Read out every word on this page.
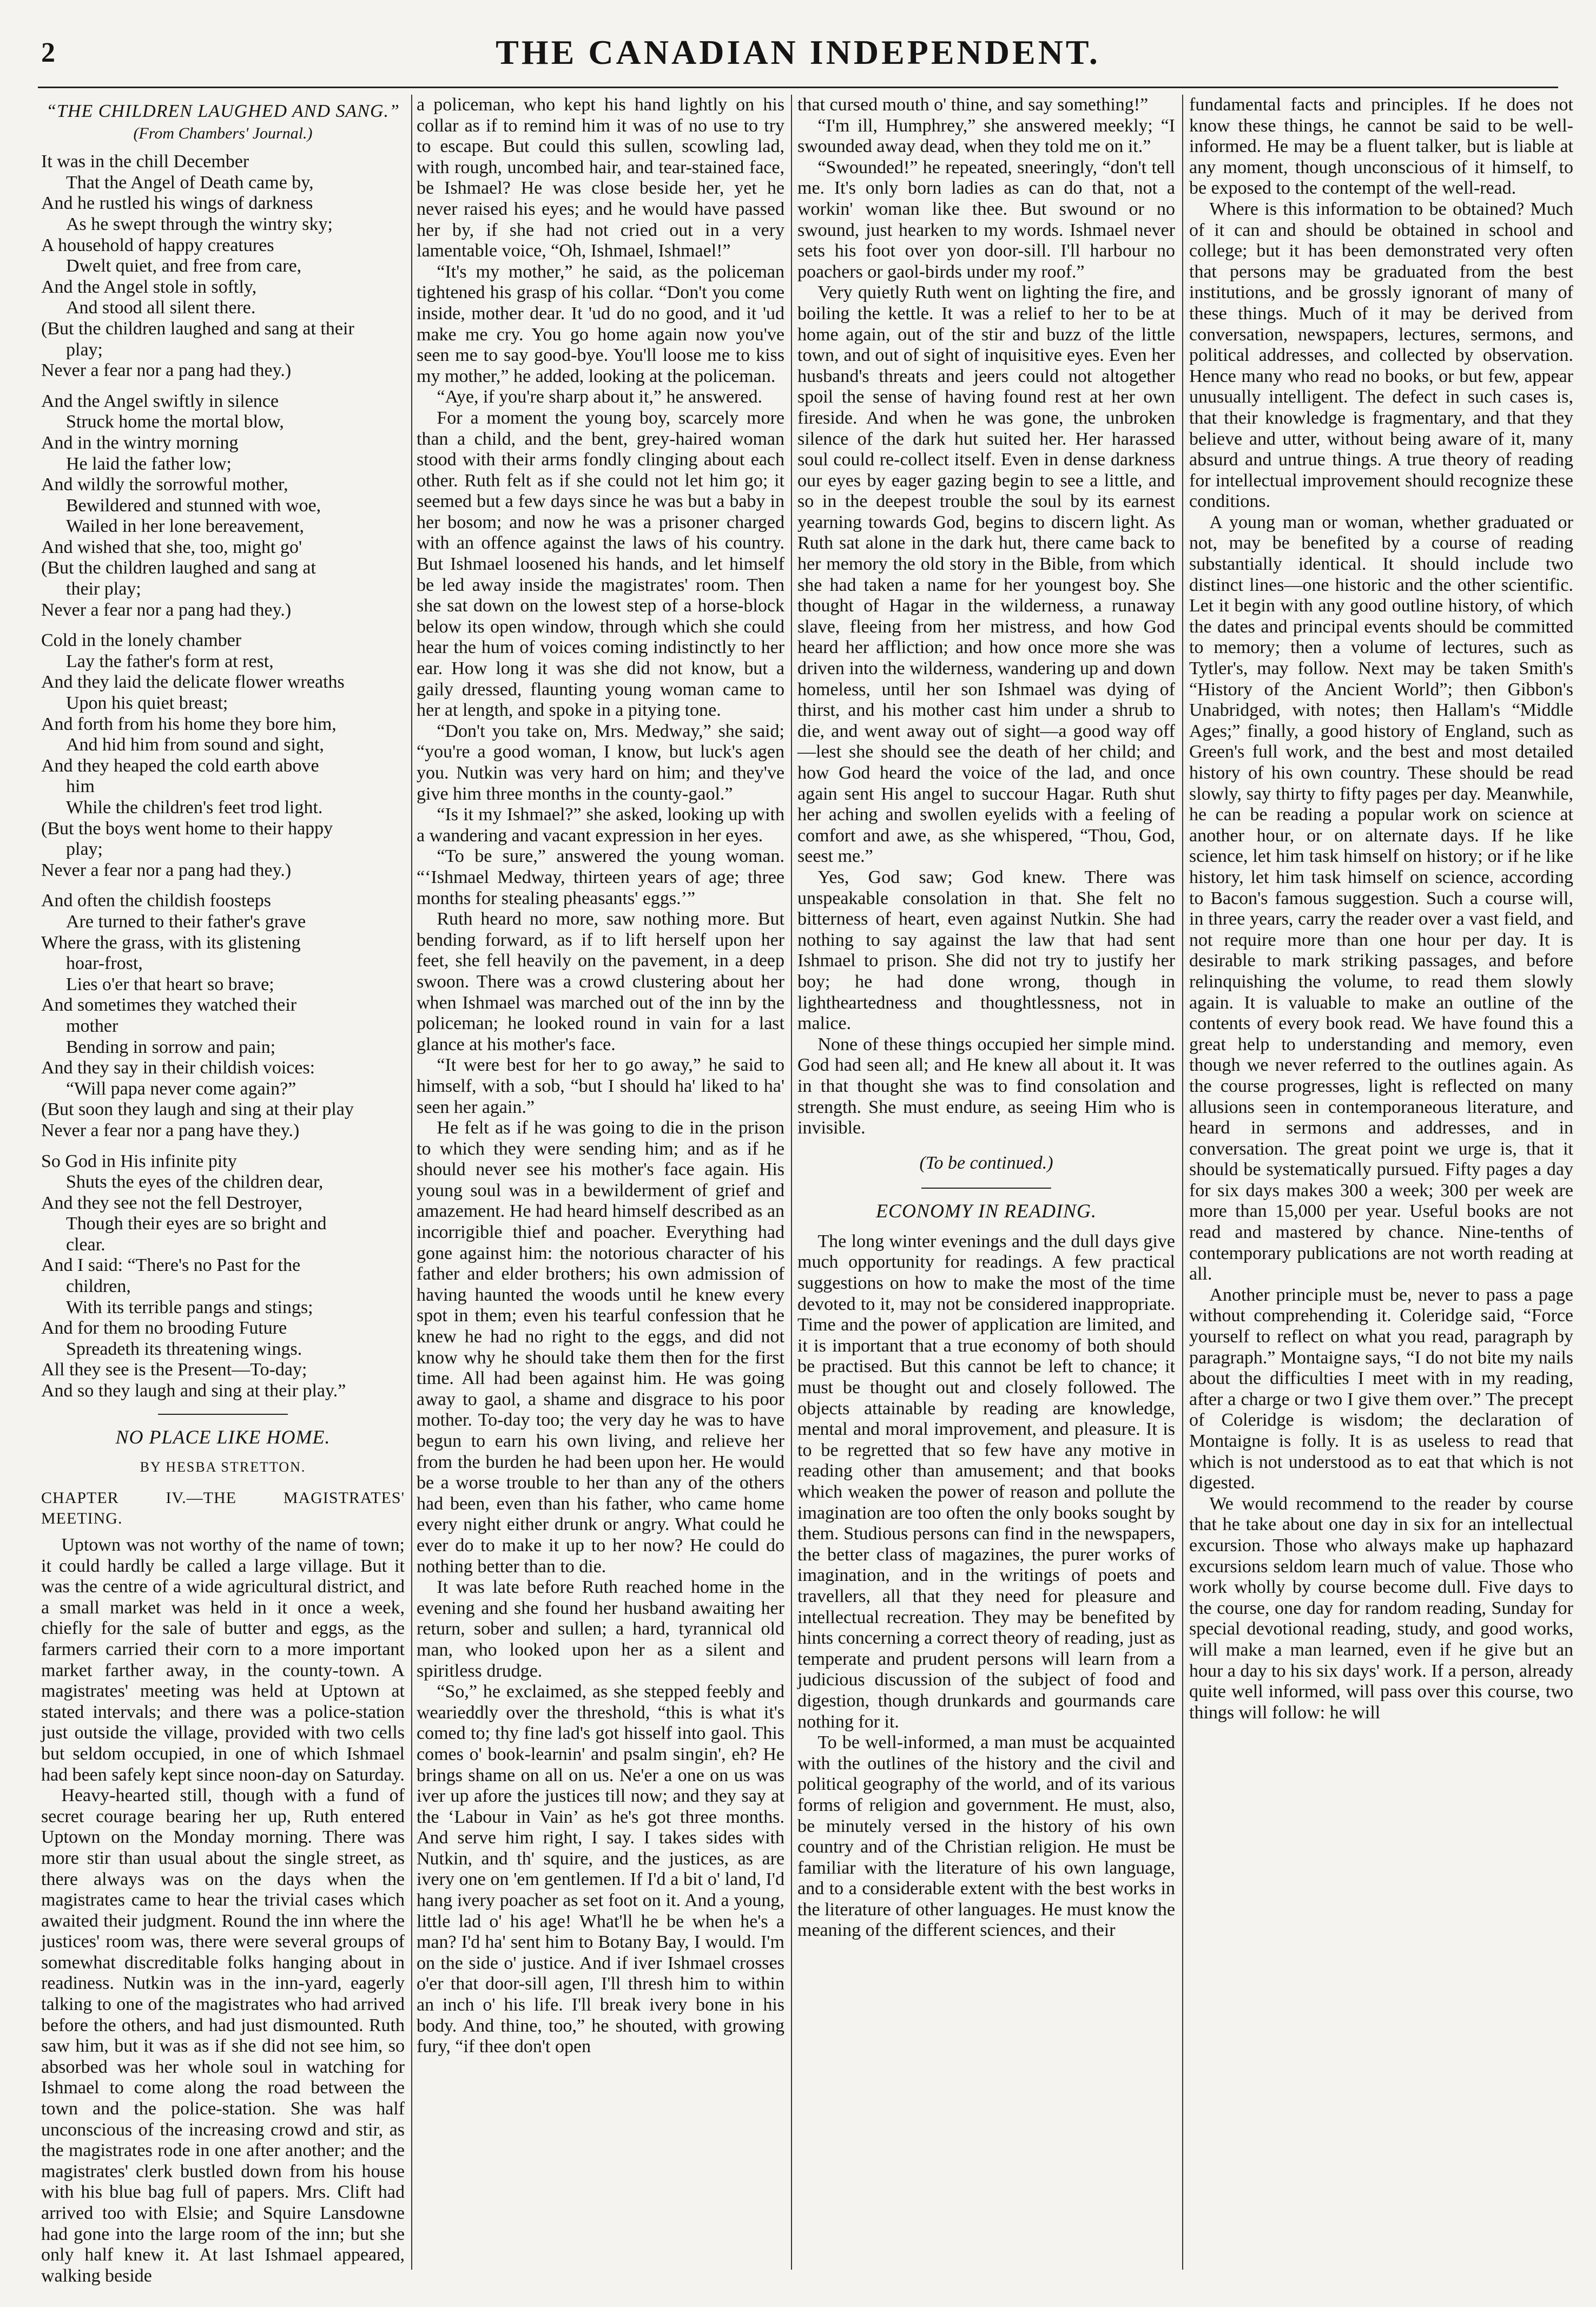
2	THE CANADIAN INDEPENDENT.
“THE CHILDREN LAUGHED AND SANG.”
(From Chambers' Journal.)
It was in the chill December
That the Angel of Death came by,
And he rustled his wings of darkness
As he swept through the wintry sky;
A household of happy creatures
Dwelt quiet, and free from care,
And the Angel stole in softly,
And stood all silent there.
(But the children laughed and sang at their
play;
Never a fear nor a pang had they.)
And the Angel swiftly in silence
Struck home the mortal blow,
And in the wintry morning
He laid the father low;
And wildly the sorrowful mother,
Bewildered and stunned with woe,
Wailed in her lone bereavement,
And wished that she, too, might go'
(But the children laughed and sang at
their play;
Never a fear nor a pang had they.)
Cold in the lonely chamber
Lay the father's form at rest,
And they laid the delicate flower wreaths
Upon his quiet breast;
And forth from his home they bore him,
And hid him from sound and sight,
And they heaped the cold earth above
him
While the children's feet trod light.
(But the boys went home to their happy
play;
Never a fear nor a pang had they.)
And often the childish foosteps
Are turned to their father's grave
Where the grass, with its glistening
hoar-frost,
Lies o'er that heart so brave;
And sometimes they watched their
mother
Bending in sorrow and pain;
And they say in their childish voices:
“Will papa never come again?”
(But soon they laugh and sing at their play
Never a fear nor a pang have they.)
So God in His infinite pity
Shuts the eyes of the children dear,
And they see not the fell Destroyer,
Though their eyes are so bright and
clear.
And I said: “There's no Past for the
children,
With its terrible pangs and stings;
And for them no brooding Future
Spreadeth its threatening wings.
All they see is the Present—To-day;
And so they laugh and sing at their play.”
NO PLACE LIKE HOME.
BY HESBA STRETTON.
CHAPTER IV.—THE MAGISTRATES' MEETING.

Uptown was not worthy of the name of town; it could hardly be called a large village. But it was the centre of a wide agricultural district, and a small market was held in it once a week, chiefly for the sale of butter and eggs, as the farmers carried their corn to a more important market farther away, in the county-town. A magistrates' meeting was held at Uptown at stated intervals; and there was a police-station just outside the village, provided with two cells but seldom occupied, in one of which Ishmael had been safely kept since noon-day on Saturday.

Heavy-hearted still, though with a fund of secret courage bearing her up, Ruth entered Uptown on the Monday morning. There was more stir than usual about the single street, as there always was on the days when the magistrates came to hear the trivial cases which awaited their judgment. Round the inn where the justices' room was, there were several groups of somewhat discreditable folks hanging about in readiness. Nutkin was in the inn-yard, eagerly talking to one of the magistrates who had arrived before the others, and had just dismounted. Ruth saw him, but it was as if she did not see him, so absorbed was her whole soul in watching for Ishmael to come along the road between the town and the police-station. She was half unconscious of the increasing crowd and stir, as the magistrates rode in one after another; and the magistrates' clerk bustled down from his house with his blue bag full of papers. Mrs. Clift had arrived too with Elsie; and Squire Lansdowne had gone into the large room of the inn; but she only half knew it. At last Ishmael appeared, walking beside

a policeman, who kept his hand lightly on his collar as if to remind him it was of no use to try to escape. But could this sullen, scowling lad, with rough, uncombed hair, and tear-stained face, be Ishmael? He was close beside her, yet he never raised his eyes; and he would have passed her by, if she had not cried out in a very lamentable voice, “Oh, Ishmael, Ishmael!”

“It's my mother,” he said, as the policeman tightened his grasp of his collar. “Don't you come inside, mother dear. It 'ud do no good, and it 'ud make me cry. You go home again now you've seen me to say good-bye. You'll loose me to kiss my mother,” he added, looking at the policeman.

“Aye, if you're sharp about it,” he answered.

For a moment the young boy, scarcely more than a child, and the bent, grey-haired woman stood with their arms fondly clinging about each other. Ruth felt as if she could not let him go; it seemed but a few days since he was but a baby in her bosom; and now he was a prisoner charged with an offence against the laws of his country. But Ishmael loosened his hands, and let himself be led away inside the magistrates' room. Then she sat down on the lowest step of a horse-block below its open window, through which she could hear the hum of voices coming indistinctly to her ear. How long it was she did not know, but a gaily dressed, flaunting young woman came to her at length, and spoke in a pitying tone.

“Don't you take on, Mrs. Medway,” she said; “you're a good woman, I know, but luck's agen you. Nutkin was very hard on him; and they've give him three months in the county-gaol.”

“Is it my Ishmael?” she asked, looking up with a wandering and vacant expression in her eyes.

“To be sure,” answered the young woman. “‘Ishmael Medway, thirteen years of age; three months for stealing pheasants' eggs.’”

Ruth heard no more, saw nothing more. But bending forward, as if to lift herself upon her feet, she fell heavily on the pavement, in a deep swoon. There was a crowd clustering about her when Ishmael was marched out of the inn by the policeman; he looked round in vain for a last glance at his mother's face.

“It were best for her to go away,” he said to himself, with a sob, “but I should ha' liked to ha' seen her again.”

He felt as if he was going to die in the prison to which they were sending him; and as if he should never see his mother's face again. His young soul was in a bewilderment of grief and amazement. He had heard himself described as an incorrigible thief and poacher. Everything had gone against him: the notorious character of his father and elder brothers; his own admission of having haunted the woods until he knew every spot in them; even his tearful confession that he knew he had no right to the eggs, and did not know why he should take them then for the first time. All had been against him. He was going away to gaol, a shame and disgrace to his poor mother. To-day too; the very day he was to have begun to earn his own living, and relieve her from the burden he had been upon her. He would be a worse trouble to her than any of the others had been, even than his father, who came home every night either drunk or angry. What could he ever do to make it up to her now? He could do nothing better than to die.

It was late before Ruth reached home in the evening and she found her husband awaiting her return, sober and sullen; a hard, tyrannical old man, who looked upon her as a silent and spiritless drudge.

“So,” he exclaimed, as she stepped feebly and wearieddly over the threshold, “this is what it's comed to; thy fine lad's got hisself into gaol. This comes o' book-learnin' and psalm singin', eh? He brings shame on all on us. Ne'er a one on us was iver up afore the justices till now; and they say at the ‘Labour in Vain’ as he's got three months. And serve him right, I say. I takes sides with Nutkin, and th' squire, and the justices, as are ivery one on 'em gentlemen. If I'd a bit o' land, I'd hang ivery poacher as set foot on it. And a young, little lad o' his age! What'll he be when he's a man? I'd ha' sent him to Botany Bay, I would. I'm on the side o' justice. And if iver Ishmael crosses o'er that door-sill agen, I'll thresh him to within an inch o' his life. I'll break ivery bone in his body. And thine, too,” he shouted, with growing fury, “if thee don't open

that cursed mouth o' thine, and say something!”

“I'm ill, Humphrey,” she answered meekly; “I swounded away dead, when they told me on it.”

“Swounded!” he repeated, sneeringly, “don't tell me. It's only born ladies as can do that, not a workin' woman like thee. But swound or no swound, just hearken to my words. Ishmael never sets his foot over yon door-sill. I'll harbour no poachers or gaol-birds under my roof.”

Very quietly Ruth went on lighting the fire, and boiling the kettle. It was a relief to her to be at home again, out of the stir and buzz of the little town, and out of sight of inquisitive eyes. Even her husband's threats and jeers could not altogether spoil the sense of having found rest at her own fireside. And when he was gone, the unbroken silence of the dark hut suited her. Her harassed soul could re-collect itself. Even in dense darkness our eyes by eager gazing begin to see a little, and so in the deepest trouble the soul by its earnest yearning towards God, begins to discern light. As Ruth sat alone in the dark hut, there came back to her memory the old story in the Bible, from which she had taken a name for her youngest boy. She thought of Hagar in the wilderness, a runaway slave, fleeing from her mistress, and how God heard her affliction; and how once more she was driven into the wilderness, wandering up and down homeless, until her son Ishmael was dying of thirst, and his mother cast him under a shrub to die, and went away out of sight—a good way off—lest she should see the death of her child; and how God heard the voice of the lad, and once again sent His angel to succour Hagar. Ruth shut her aching and swollen eyelids with a feeling of comfort and awe, as she whispered, “Thou, God, seest me.”

Yes, God saw; God knew. There was unspeakable consolation in that. She felt no bitterness of heart, even against Nutkin. She had nothing to say against the law that had sent Ishmael to prison. She did not try to justify her boy; he had done wrong, though in lightheartedness and thoughtlessness, not in malice.

None of these things occupied her simple mind. God had seen all; and He knew all about it. It was in that thought she was to find consolation and strength. She must endure, as seeing Him who is invisible.

(To be continued.)
ECONOMY IN READING.

The long winter evenings and the dull days give much opportunity for readings. A few practical suggestions on how to make the most of the time devoted to it, may not be considered inappropriate. Time and the power of application are limited, and it is important that a true economy of both should be practised. But this cannot be left to chance; it must be thought out and closely followed. The objects attainable by reading are knowledge, mental and moral improvement, and pleasure. It is to be regretted that so few have any motive in reading other than amusement; and that books which weaken the power of reason and pollute the imagination are too often the only books sought by them. Studious persons can find in the newspapers, the better class of magazines, the purer works of imagination, and in the writings of poets and travellers, all that they need for pleasure and intellectual recreation. They may be benefited by hints concerning a correct theory of reading, just as temperate and prudent persons will learn from a judicious discussion of the subject of food and digestion, though drunkards and gourmands care nothing for it.

To be well-informed, a man must be acquainted with the outlines of the history and the civil and political geography of the world, and of its various forms of religion and government. He must, also, be minutely versed in the history of his own country and of the Christian religion. He must be familiar with the literature of his own language, and to a considerable extent with the best works in the literature of other languages. He must know the meaning of the different sciences, and their

fundamental facts and principles. If he does not know these things, he cannot be said to be well-informed. He may be a fluent talker, but is liable at any moment, though unconscious of it himself, to be exposed to the contempt of the well-read.

Where is this information to be obtained? Much of it can and should be obtained in school and college; but it has been demonstrated very often that persons may be graduated from the best institutions, and be grossly ignorant of many of these things. Much of it may be derived from conversation, newspapers, lectures, sermons, and political addresses, and collected by observation. Hence many who read no books, or but few, appear unusually intelligent. The defect in such cases is, that their knowledge is fragmentary, and that they believe and utter, without being aware of it, many absurd and untrue things. A true theory of reading for intellectual improvement should recognize these conditions.

A young man or woman, whether graduated or not, may be benefited by a course of reading substantially identical. It should include two distinct lines—one historic and the other scientific. Let it begin with any good outline history, of which the dates and principal events should be committed to memory; then a volume of lectures, such as Tytler's, may follow. Next may be taken Smith's “History of the Ancient World”; then Gibbon's Unabridged, with notes; then Hallam's “Middle Ages;” finally, a good history of England, such as Green's full work, and the best and most detailed history of his own country. These should be read slowly, say thirty to fifty pages per day. Meanwhile, he can be reading a popular work on science at another hour, or on alternate days. If he like science, let him task himself on history; or if he like history, let him task himself on science, according to Bacon's famous suggestion. Such a course will, in three years, carry the reader over a vast field, and not require more than one hour per day. It is desirable to mark striking passages, and before relinquishing the volume, to read them slowly again. It is valuable to make an outline of the contents of every book read. We have found this a great help to understanding and memory, even though we never referred to the outlines again. As the course progresses, light is reflected on many allusions seen in contemporaneous literature, and heard in sermons and addresses, and in conversation. The great point we urge is, that it should be systematically pursued. Fifty pages a day for six days makes 300 a week; 300 per week are more than 15,000 per year. Useful books are not read and mastered by chance. Nine-tenths of contemporary publications are not worth reading at all.

Another principle must be, never to pass a page without comprehending it. Coleridge said, “Force yourself to reflect on what you read, paragraph by paragraph.” Montaigne says, “I do not bite my nails about the difficulties I meet with in my reading, after a charge or two I give them over.” The precept of Coleridge is wisdom; the declaration of Montaigne is folly. It is as useless to read that which is not understood as to eat that which is not digested.

We would recommend to the reader by course that he take about one day in six for an intellectual excursion. Those who always make up haphazard excursions seldom learn much of value. Those who work wholly by course become dull. Five days to the course, one day for random reading, Sunday for special devotional reading, study, and good works, will make a man learned, even if he give but an hour a day to his six days' work. If a person, already quite well informed, will pass over this course, two things will follow: he will
